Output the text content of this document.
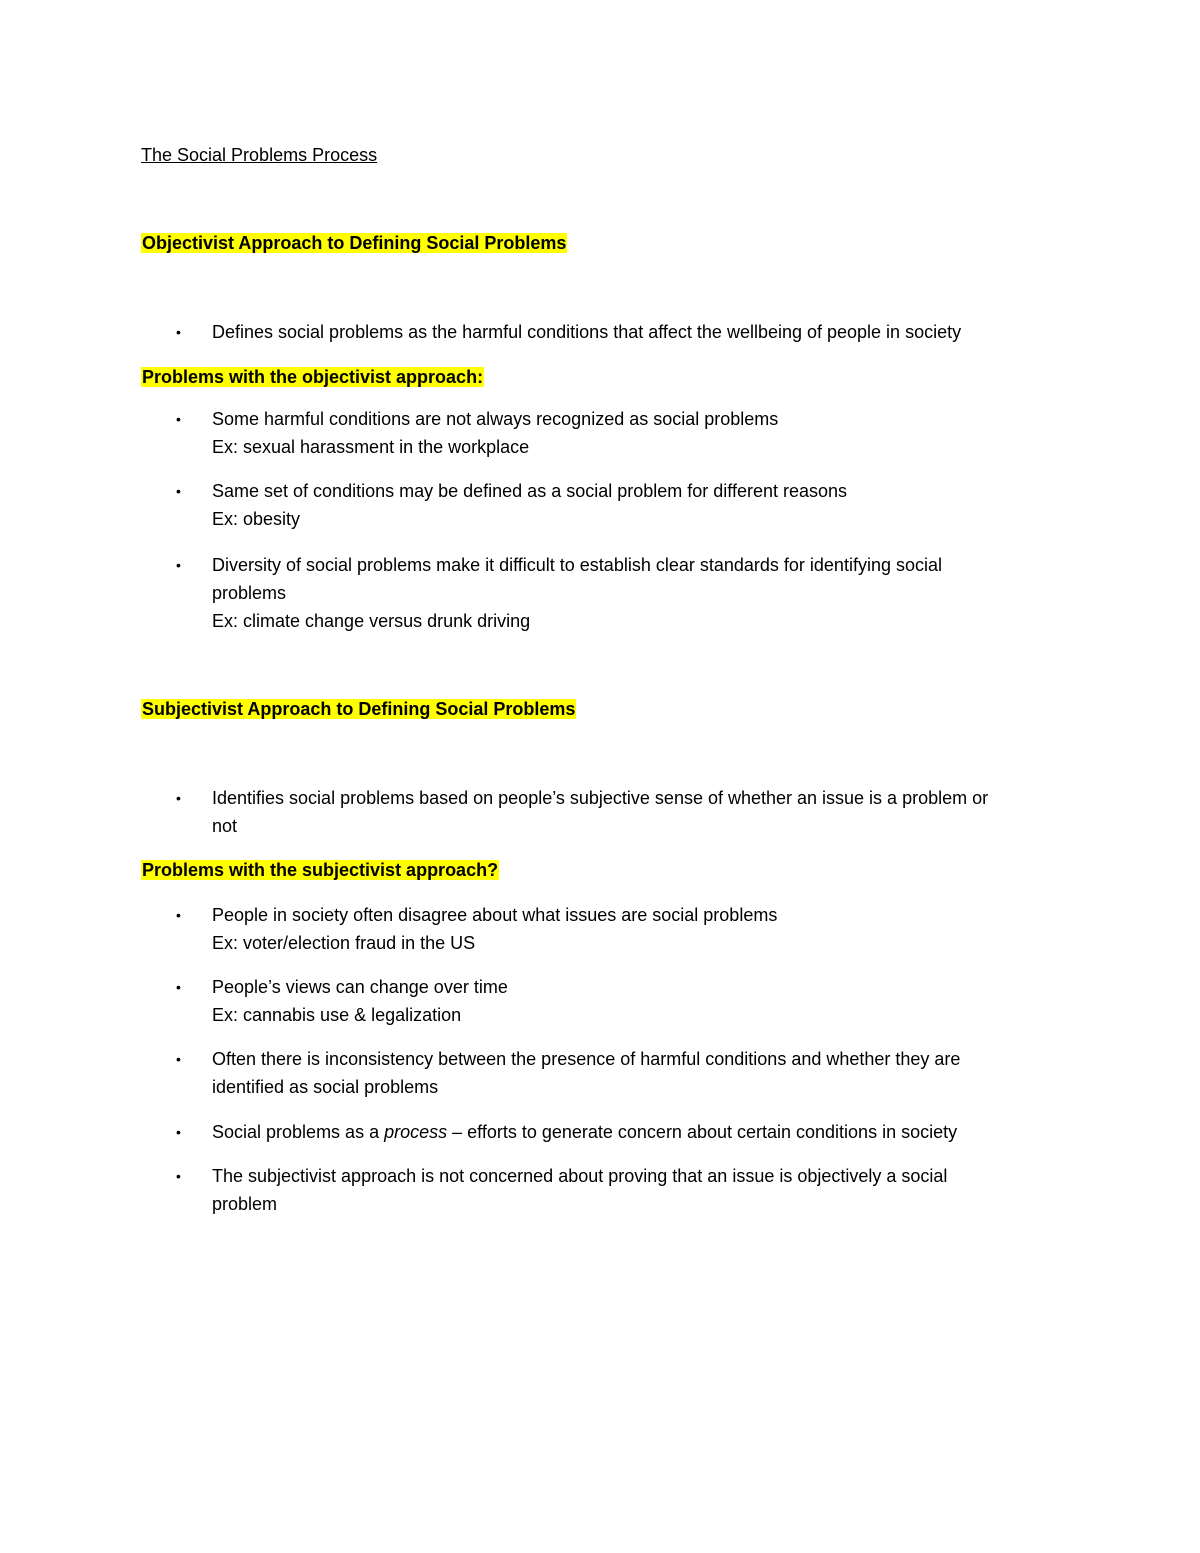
The Social Problems Process
Objectivist Approach to Defining Social Problems
• Defines social problems as the harmful conditions that affect the wellbeing of people in society
Problems with the objectivist approach:
• Some harmful conditions are not always recognized as social problems
Ex: sexual harassment in the workplace
• Same set of conditions may be defined as a social problem for different reasons
Ex: obesity
• Diversity of social problems make it difficult to establish clear standards for identifying social
problems
Ex: climate change versus drunk driving
Subjectivist Approach to Defining Social Problems
• Identifies social problems based on people’s subjective sense of whether an issue is a problem or
not
Problems with the subjectivist approach?
• People in society often disagree about what issues are social problems
Ex: voter/election fraud in the US
• People’s views can change over time
Ex: cannabis use & legalization
• Often there is inconsistency between the presence of harmful conditions and whether they are
identified as social problems
• Social problems as a process – efforts to generate concern about certain conditions in society
• The subjectivist approach is not concerned about proving that an issue is objectively a social
problem
